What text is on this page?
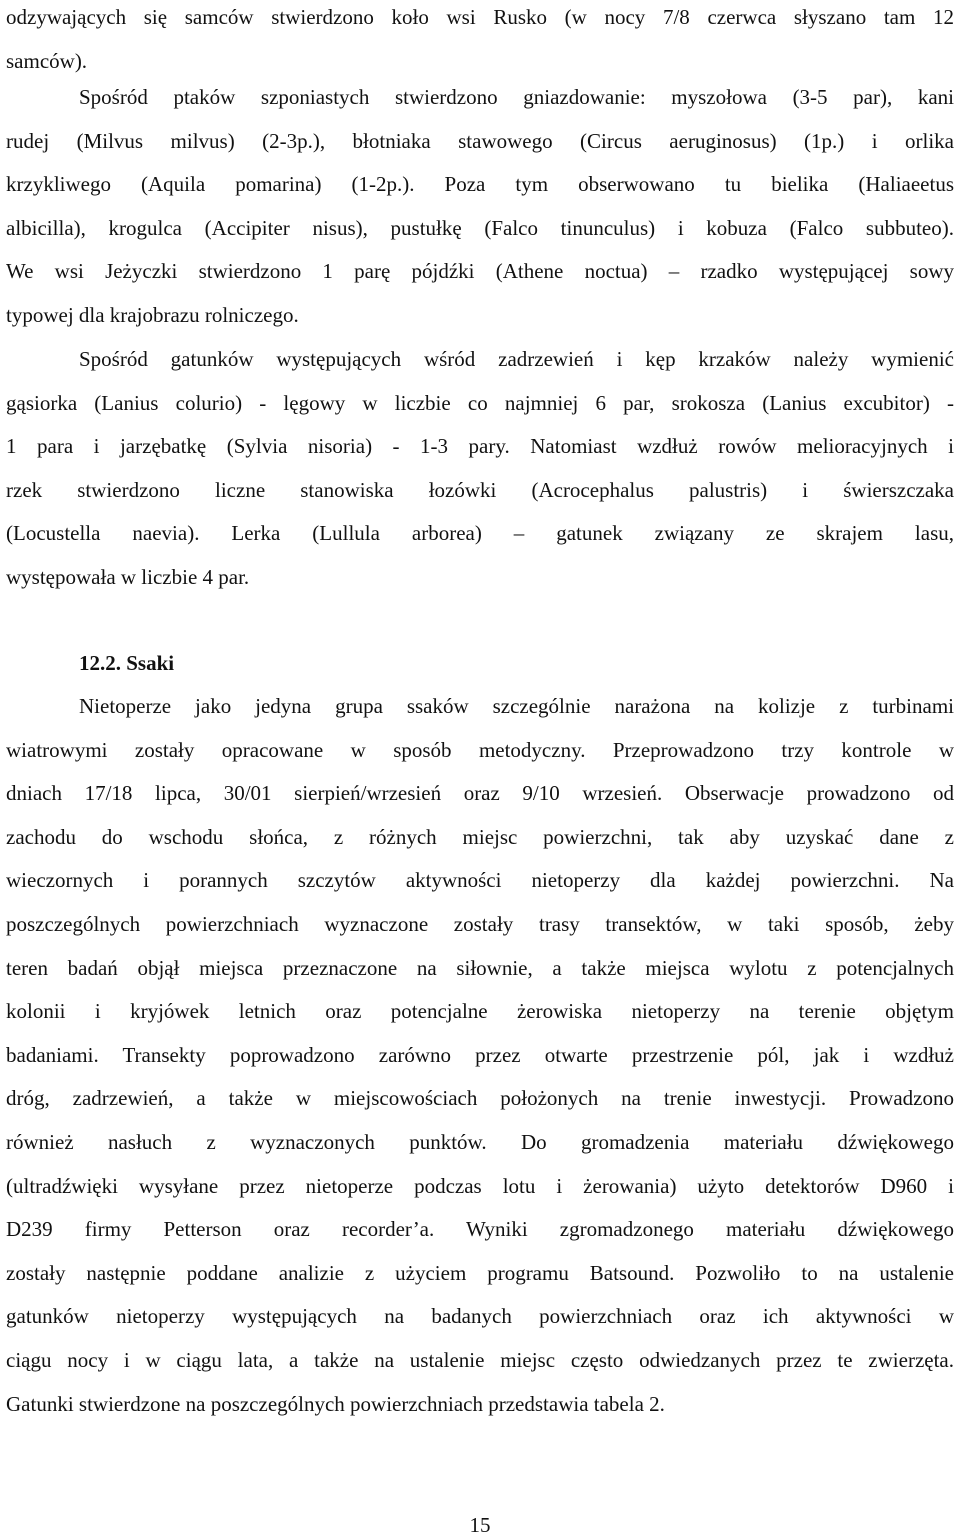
odzywających się samców stwierdzono koło wsi Rusko (w nocy 7/8 czerwca słyszano tam 12
samców).

Spośród ptaków szponiastych stwierdzono gniazdowanie: myszołowa (3-5 par), kani
rudej (Milvus milvus) (2-3p.), błotniaka stawowego (Circus aeruginosus) (1p.) i orlika
krzykliwego (Aquila pomarina) (1-2p.). Poza tym obserwowano tu bielika (Haliaeetus
albicilla), krogulca (Accipiter nisus), pustułkę (Falco tinunculus) i kobuza (Falco subbuteo).
We wsi Jeżyczki stwierdzono 1 parę pójdźki (Athene noctua) – rzadko występującej sowy
typowej dla krajobrazu rolniczego.

Spośród gatunków występujących wśród zadrzewień i kęp krzaków należy wymienić
gąsiorka (Lanius colurio) - lęgowy w liczbie co najmniej 6 par, srokosza (Lanius excubitor) -
1 para i jarzębatkę (Sylvia nisoria) - 1-3 pary. Natomiast wzdłuż rowów melioracyjnych i
rzek stwierdzono liczne stanowiska łozówki (Acrocephalus palustris) i świerszczaka
(Locustella naevia). Lerka (Lullula arborea) – gatunek związany ze skrajem lasu,
występowała w liczbie 4 par.

12.2. Ssaki

Nietoperze jako jedyna grupa ssaków szczególnie narażona na kolizje z turbinami
wiatrowymi zostały opracowane w sposób metodyczny. Przeprowadzono trzy kontrole w
dniach 17/18 lipca, 30/01 sierpień/wrzesień oraz 9/10 wrzesień. Obserwacje prowadzono od
zachodu do wschodu słońca, z różnych miejsc powierzchni, tak aby uzyskać dane z
wieczornych i porannych szczytów aktywności nietoperzy dla każdej powierzchni. Na
poszczególnych powierzchniach wyznaczone zostały trasy transektów, w taki sposób, żeby
teren badań objął miejsca przeznaczone na siłownie, a także miejsca wylotu z potencjalnych
kolonii i kryjówek letnich oraz potencjalne żerowiska nietoperzy na terenie objętym
badaniami. Transekty poprowadzono zarówno przez otwarte przestrzenie pól, jak i wzdłuż
dróg, zadrzewień, a także w miejscowościach położonych na trenie inwestycji. Prowadzono
również nasłuch z wyznaczonych punktów. Do gromadzenia materiału dźwiękowego
(ultradźwięki wysyłane przez nietoperze podczas lotu i żerowania) użyto detektorów D960 i
D239 firmy Petterson oraz recorder’a. Wyniki zgromadzonego materiału dźwiękowego
zostały następnie poddane analizie z użyciem programu Batsound. Pozwoliło to na ustalenie
gatunków nietoperzy występujących na badanych powierzchniach oraz ich aktywności w
ciągu nocy i w ciągu lata, a także na ustalenie miejsc często odwiedzanych przez te zwierzęta.
Gatunki stwierdzone na poszczególnych powierzchniach przedstawia tabela 2.

15
